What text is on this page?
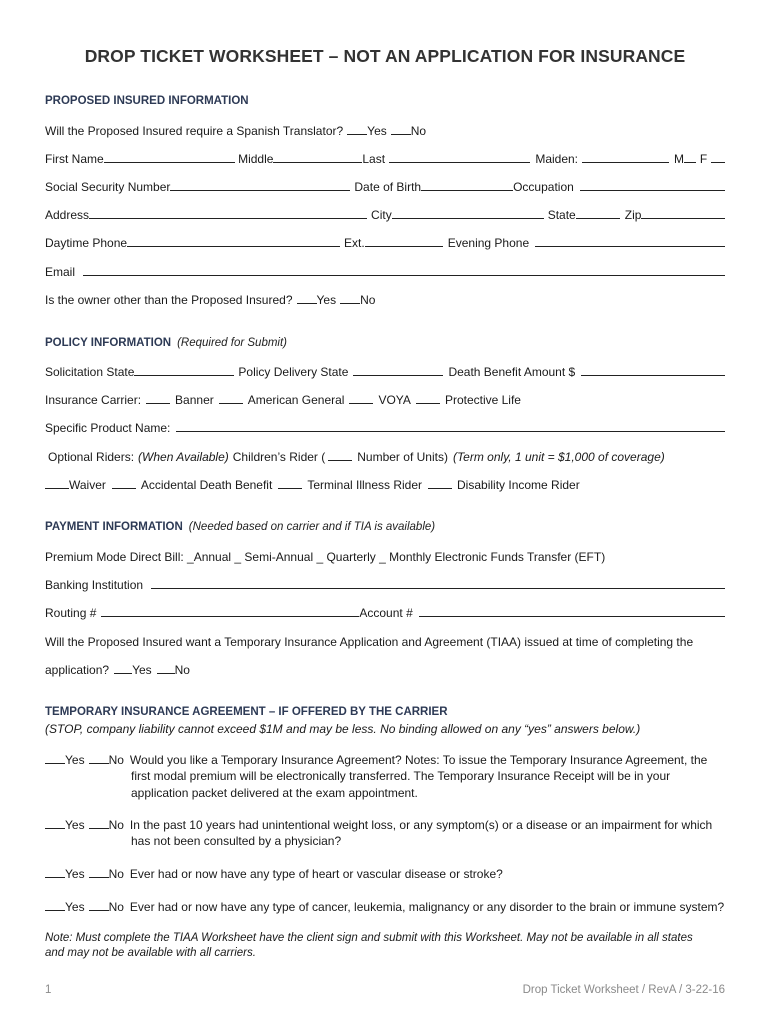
DROP TICKET WORKSHEET – NOT AN APPLICATION FOR INSURANCE
PROPOSED INSURED INFORMATION
Will the Proposed Insured require a Spanish Translator? Yes No
First Name	Middle	Last	Maiden:	M F
Social Security Number	Date of Birth	Occupation
Address	City	State	Zip
Daytime Phone	Ext.	Evening Phone
Email
Is the owner other than the Proposed Insured? Yes No
POLICY INFORMATION (Required for Submit)
Solicitation State	Policy Delivery State	Death Benefit Amount $
Insurance Carrier:	Banner	American General	VOYA	Protective Life
Specific Product Name:
Optional Riders: (When Available) Children’s Rider (	Number of Units) (Term only, 1 unit = $1,000 of coverage)
Waiver	Accidental Death Benefit	Terminal Illness Rider	Disability Income Rider
PAYMENT INFORMATION (Needed based on carrier and if TIA is available)
Premium Mode Direct Bill: _Annual _ Semi-Annual _ Quarterly _ Monthly Electronic Funds Transfer (EFT)
Banking Institution
Routing #	Account #
Will the Proposed Insured want a Temporary Insurance Application and Agreement (TIAA) issued at time of completing the
application? Yes No
TEMPORARY INSURANCE AGREEMENT – IF OFFERED BY THE CARRIER
(STOP, company liability cannot exceed $1M and may be less. No binding allowed on any “yes” answers below.)
Yes No Would you like a Temporary Insurance Agreement? Notes: To issue the Temporary Insurance Agreement, the
first modal premium will be electronically transferred. The Temporary Insurance Receipt will be in your
application packet delivered at the exam appointment.
Yes No In the past 10 years had unintentional weight loss, or any symptom(s) or a disease or an impairment for which
has not been consulted by a physician?
Yes No Ever had or now have any type of heart or vascular disease or stroke?
Yes No Ever had or now have any type of cancer, leukemia, malignancy or any disorder to the brain or immune system?
Note: Must complete the TIAA Worksheet have the client sign and submit with this Worksheet. May not be available in all states
and may not be available with all carriers.
1	Drop Ticket Worksheet / RevA / 3-22-16
